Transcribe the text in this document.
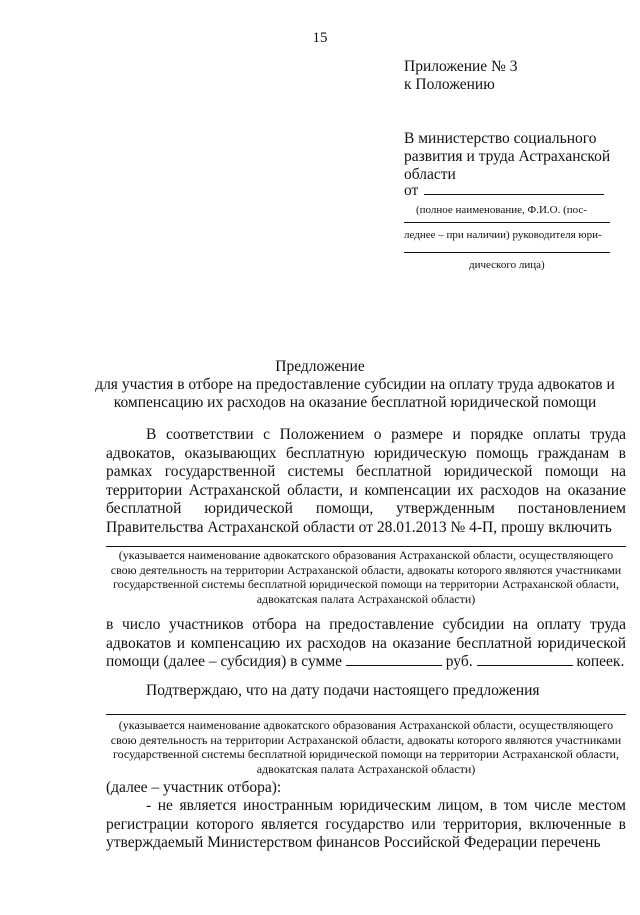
15
Приложение № 3
к Положению
В министерство социального
развития и труда Астраханской
области
от
(полное наименование, Ф.И.О. (пос-
леднее – при наличии) руководителя юри-
дического лица)
Предложение
для участия в отборе на предоставление субсидии на оплату труда адвокатов и компенсацию их расходов на оказание бесплатной юридической помощи
В соответствии с Положением о размере и порядке оплаты труда адвокатов, оказывающих бесплатную юридическую помощь гражданам в рамках государственной системы бесплатной юридической помощи на территории Астраханской области, и компенсации их расходов на оказание бесплатной юридической помощи, утвержденным постановлением Правительства Астраханской области от 28.01.2013 № 4-П, прошу включить
(указывается наименование адвокатского образования Астраханской области, осуществляющего свою деятельность на территории Астраханской области, адвокаты которого являются участниками государственной системы бесплатной юридической помощи на территории Астраханской области, адвокатская палата Астраханской области)
в число участников отбора на предоставление субсидии на оплату труда адвокатов и компенсацию их расходов на оказание бесплатной юридической помощи (далее – субсидия) в сумме	руб.	копеек.
Подтверждаю, что на дату подачи настоящего предложения
(указывается наименование адвокатского образования Астраханской области, осуществляющего свою деятельность на территории Астраханской области, адвокаты которого являются участниками государственной системы бесплатной юридической помощи на территории Астраханской области, адвокатская палата Астраханской области)
(далее – участник отбора):
- не является иностранным юридическим лицом, в том числе местом регистрации которого является государство или территория, включенные в утверждаемый Министерством финансов Российской Федерации перечень
